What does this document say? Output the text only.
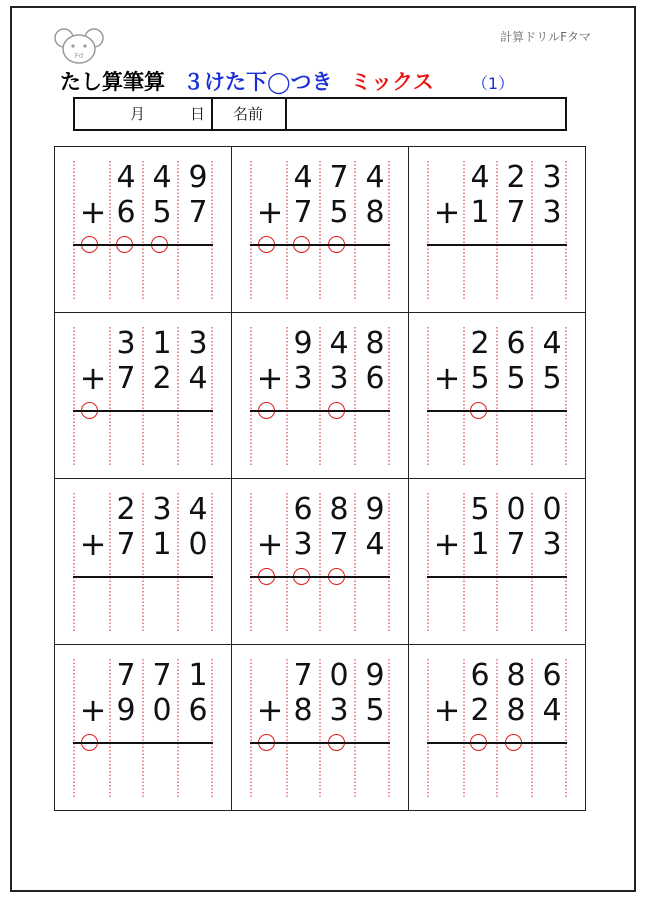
Fd
計算ドリルFタマ
たし算筆算 ３けた下◯つき ミックス （1）
月	日	名前
4 4 9
+ 6 5 7
4 7 4
+ 7 5 8
4 2 3
+ 1 7 3
3 1 3
+ 7 2 4
9 4 8
+ 3 3 6
2 6 4
+ 5 5 5
2 3 4
+ 7 1 0
6 8 9
+ 3 7 4
5 0 0
+ 1 7 3
7 7 1
+ 9 0 6
7 0 9
+ 8 3 5
6 8 6
+ 2 8 4
